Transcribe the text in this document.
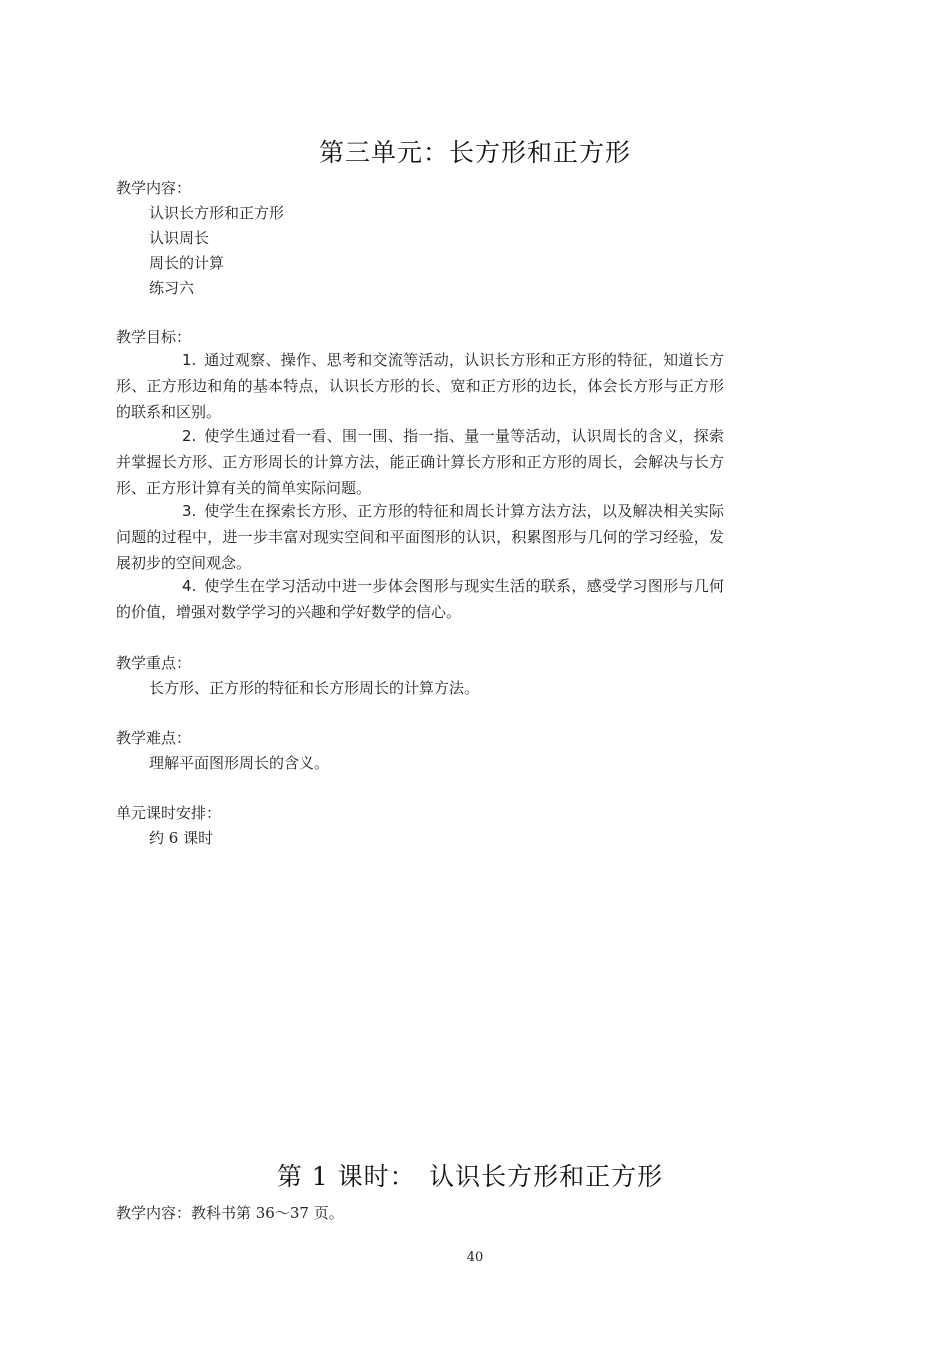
第三单元：长方形和正方形
教学内容：
认识长方形和正方形
认识周长
周长的计算
练习六
教学目标：
1. 通过观察、操作、思考和交流等活动，认识长方形和正方形的特征，知道长方形、正方形边和角的基本特点，认识长方形的长、宽和正方形的边长，体会长方形与正方形的联系和区别。
2. 使学生通过看一看、围一围、指一指、量一量等活动，认识周长的含义，探索并掌握长方形、正方形周长的计算方法，能正确计算长方形和正方形的周长，会解决与长方形、正方形计算有关的简单实际问题。
3. 使学生在探索长方形、正方形的特征和周长计算方法方法，以及解决相关实际问题的过程中，进一步丰富对现实空间和平面图形的认识，积累图形与几何的学习经验，发展初步的空间观念。
4. 使学生在学习活动中进一步体会图形与现实生活的联系，感受学习图形与几何的价值，增强对数学学习的兴趣和学好数学的信心。
教学重点：
长方形、正方形的特征和长方形周长的计算方法。
教学难点：
理解平面图形周长的含义。
单元课时安排：
约 6 课时
第 1 课时：　认识长方形和正方形
教学内容：教科书第 36～37 页。
40
